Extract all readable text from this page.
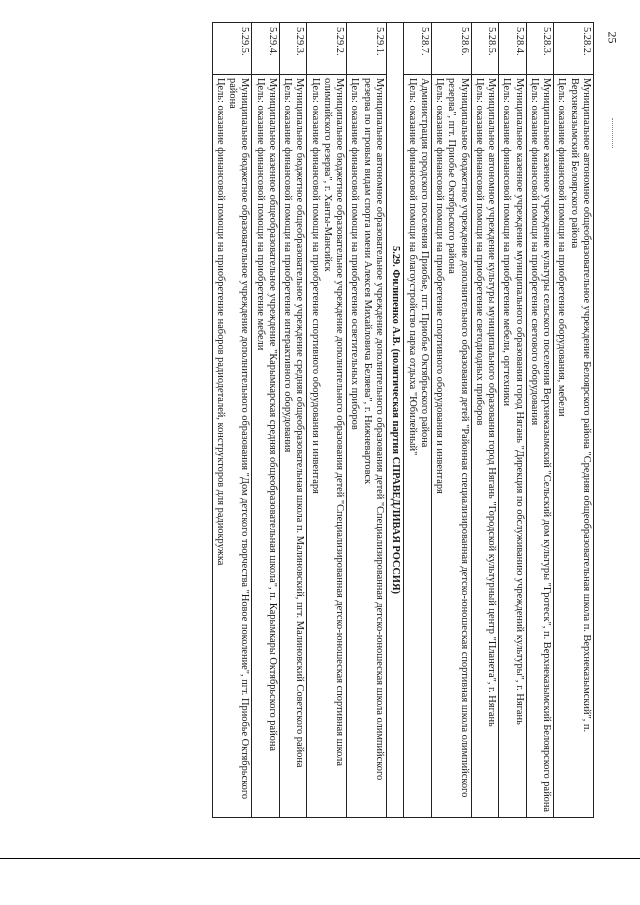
25
5.28.2.	Муниципальное автономное общеобразовательное учреждение Белоярского района "Средняя общеобразовательная школа п. Верхнеказымский", п. Верхнеказымский Белоярского района
Цель: оказание финансовой помощи на приобретение оборудования, мебели

5.28.3.	Муниципальное казенное учреждение культуры сельского поселения Верхнеказымский "Сельский дом культуры "Гротеск", п. Верхнеказымский Белоярского района
Цель: оказание финансовой помощи на приобретение светового оборудования

5.28.4.	Муниципальное казенное учреждение муниципального образования город Нягань "Дирекция по обслуживанию учреждений культуры", г. Нягань
Цель: оказание финансовой помощи на приобретение мебели, оргтехники

5.28.5.	Муниципальное автономное учреждение культуры муниципального образования город Нягань "Городской культурный центр "Планета", г. Нягань
Цель: оказание финансовой помощи на приобретение светодиодных приборов

5.28.6.	Муниципальное бюджетное учреждение дополнительного образования детей "Районная специализированная детско-юношеская спортивная школа олимпийского резерва", пгт. Приобье Октябрьского района
Цель: оказание финансовой помощи на приобретение спортивного оборудования и инвентаря

5.28.7.	Администрация городского поселения Приобье, пгт. Приобье Октябрьского района
Цель: оказание финансовой помощи на благоустройство парка отдыха "Юбилейный"

5.29. Филипенко А.В. (политическая партия СПРАВЕДЛИВАЯ РОССИЯ)	
5.29.1.	Муниципальное автономное образовательное учреждение дополнительного образования детей "Специализированная детско-юношеская школа олимпийского резерва по игровым видам спорта имени Алексея Михайловича Беляева", г. Нижневартовск
Цель: оказание финансовой помощи на приобретение осветительных приборов

5.29.2.	Муниципальное бюджетное образовательное учреждение дополнительного образования детей "Специализированная детско-юношеская спортивная школа олимпийского резерва", г. Ханты-Мансийск
Цель: оказание финансовой помощи на приобретение спортивного оборудования и инвентаря

5.29.3.	Муниципальное бюджетное общеобразовательное учреждение средняя общеобразовательная школа п. Малиновский, пгт. Малиновский Советского района
Цель: оказание финансовой помощи на приобретение интерактивного оборудования

5.29.4.	Муниципальное казенное общеобразовательное учреждение "Карымкарская средняя общеобразовательная школа", п. Карымкары Октябрьского района
Цель: оказание финансовой помощи на приобретение мебели

5.29.5.	Муниципальное бюджетное образовательное учреждение дополнительного образования "Дом детского творчества "Новое поколение", пгт. Приобье Октябрьского района
Цель: оказание финансовой помощи на приобретение наборов радиодеталей, конструкторов для радиокружка
